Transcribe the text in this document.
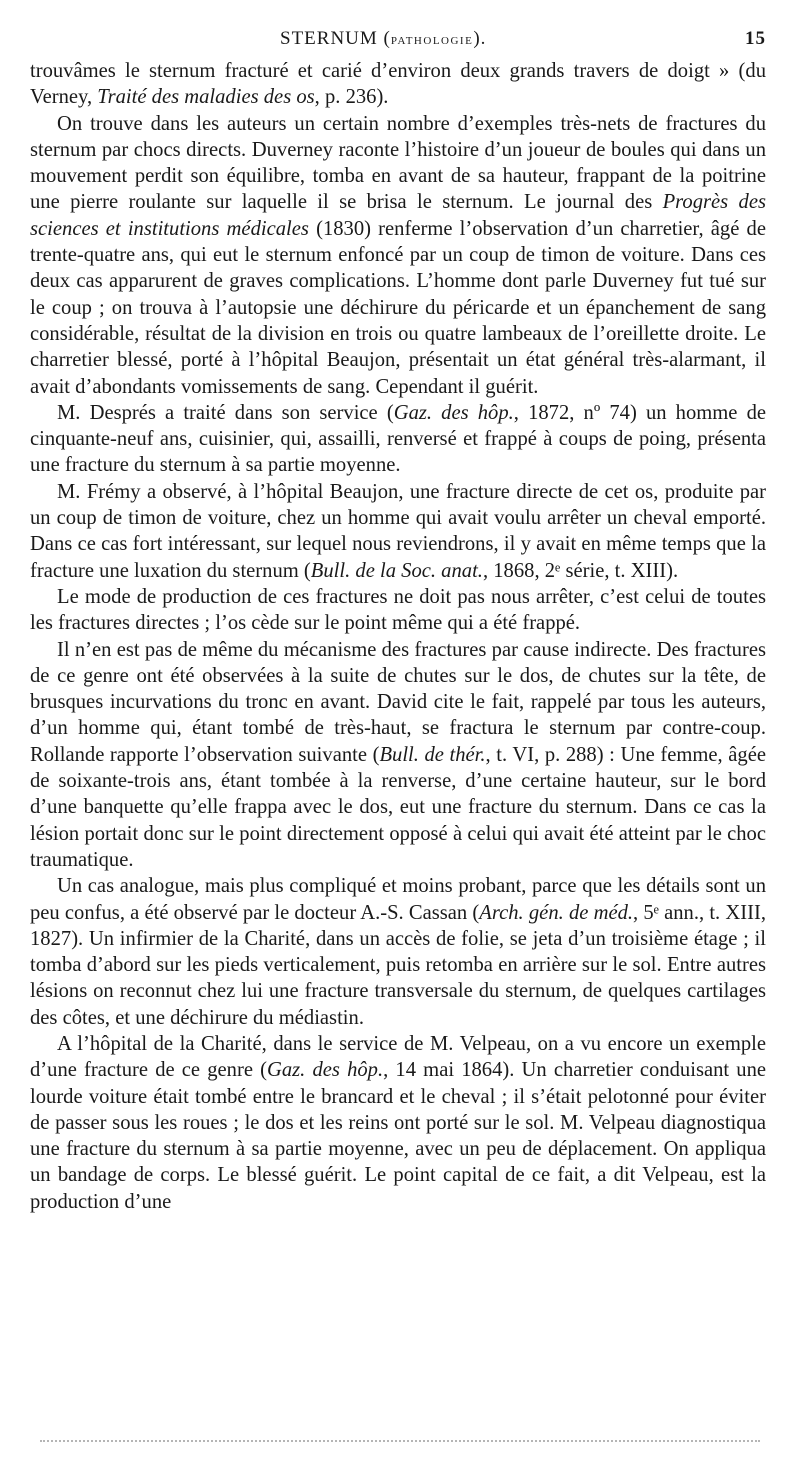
STERNUM (pathologie).	15

trouvâmes le sternum fracturé et carié d’environ deux grands travers de doigt » (du Verney, Traité des maladies des os, p. 236).

On trouve dans les auteurs un certain nombre d’exemples très-nets de fractures du sternum par chocs directs. Duverney raconte l’histoire d’un joueur de boules qui dans un mouvement perdit son équilibre, tomba en avant de sa hauteur, frappant de la poitrine une pierre roulante sur laquelle il se brisa le sternum. Le journal des Progrès des sciences et institutions médicales (1830) renferme l’observation d’un charretier, âgé de trente-quatre ans, qui eut le sternum enfoncé par un coup de timon de voiture. Dans ces deux cas apparurent de graves complications. L’homme dont parle Duverney fut tué sur le coup ; on trouva à l’autopsie une déchirure du péricarde et un épanchement de sang considérable, résultat de la division en trois ou quatre lambeaux de l’oreillette droite. Le charretier blessé, porté à l’hôpital Beaujon, présentait un état général très-alarmant, il avait d’abondants vomissements de sang. Cependant il guérit.

M. Després a traité dans son service (Gaz. des hôp., 1872, nº 74) un homme de cinquante-neuf ans, cuisinier, qui, assailli, renversé et frappé à coups de poing, présenta une fracture du sternum à sa partie moyenne.

M. Frémy a observé, à l’hôpital Beaujon, une fracture directe de cet os, produite par un coup de timon de voiture, chez un homme qui avait voulu arrêter un cheval emporté. Dans ce cas fort intéressant, sur lequel nous reviendrons, il y avait en même temps que la fracture une luxation du sternum (Bull. de la Soc. anat., 1868, 2ᵉ série, t. XIII).

Le mode de production de ces fractures ne doit pas nous arrêter, c’est celui de toutes les fractures directes ; l’os cède sur le point même qui a été frappé.

Il n’en est pas de même du mécanisme des fractures par cause indirecte. Des fractures de ce genre ont été observées à la suite de chutes sur le dos, de chutes sur la tête, de brusques incurvations du tronc en avant. David cite le fait, rappelé par tous les auteurs, d’un homme qui, étant tombé de très-haut, se fractura le sternum par contre-coup. Rollande rapporte l’observation suivante (Bull. de thér., t. VI, p. 288) : Une femme, âgée de soixante-trois ans, étant tombée à la renverse, d’une certaine hauteur, sur le bord d’une banquette qu’elle frappa avec le dos, eut une fracture du sternum. Dans ce cas la lésion portait donc sur le point directement opposé à celui qui avait été atteint par le choc traumatique.

Un cas analogue, mais plus compliqué et moins probant, parce que les détails sont un peu confus, a été observé par le docteur A.-S. Cassan (Arch. gén. de méd., 5ᵉ ann., t. XIII, 1827). Un infirmier de la Charité, dans un accès de folie, se jeta d’un troisième étage ; il tomba d’abord sur les pieds verticalement, puis retomba en arrière sur le sol. Entre autres lésions on reconnut chez lui une fracture transversale du sternum, de quelques cartilages des côtes, et une déchirure du médiastin.

A l’hôpital de la Charité, dans le service de M. Velpeau, on a vu encore un exemple d’une fracture de ce genre (Gaz. des hôp., 14 mai 1864). Un charretier conduisant une lourde voiture était tombé entre le brancard et le cheval ; il s’était pelotonné pour éviter de passer sous les roues ; le dos et les reins ont porté sur le sol. M. Velpeau diagnostiqua une fracture du sternum à sa partie moyenne, avec un peu de déplacement. On appliqua un bandage de corps. Le blessé guérit. Le point capital de ce fait, a dit Velpeau, est la production d’une
